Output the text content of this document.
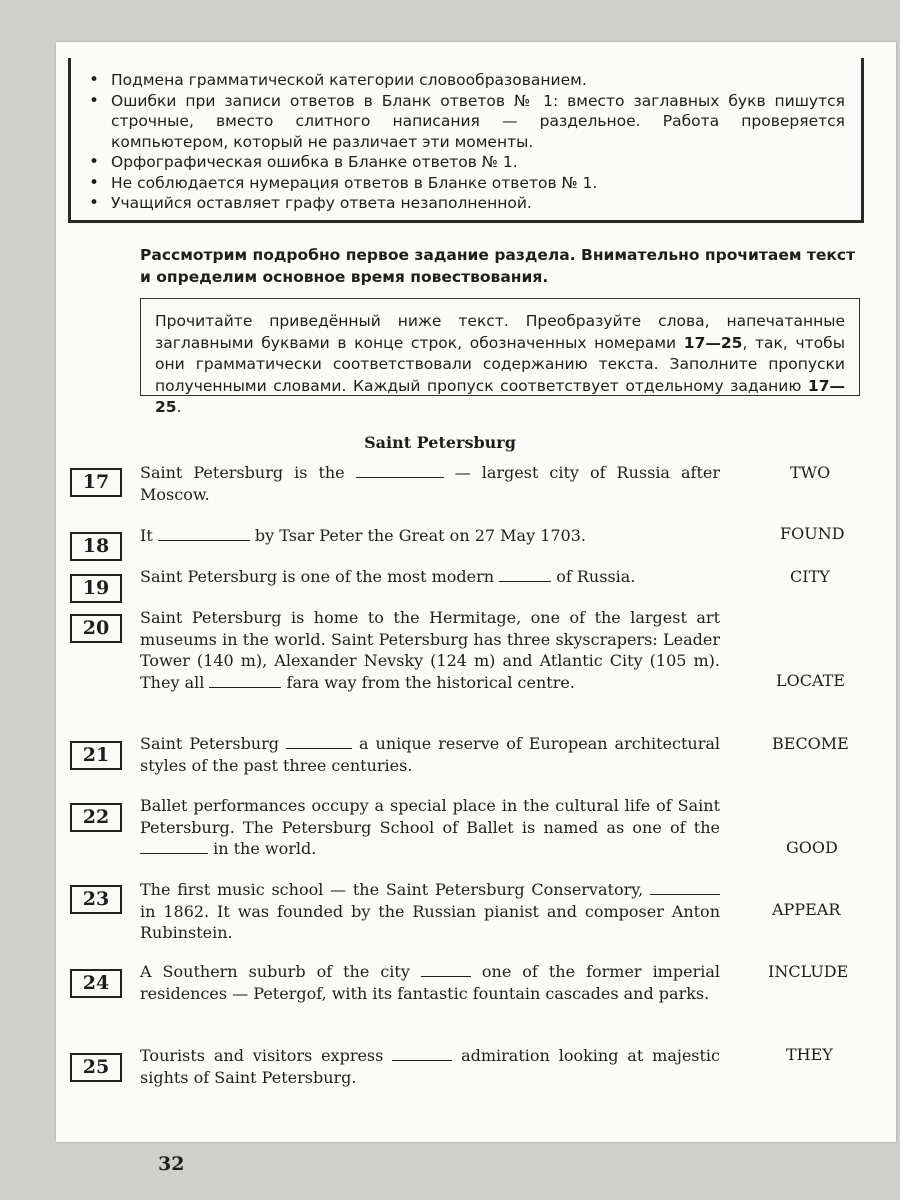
• Подмена грамматической категории словообразованием.
• Ошибки при записи ответов в Бланк ответов № 1: вместо заглавных букв пишутся строчные, вместо слитного написания — раздельное. Работа проверяется компьютером, который не различает эти моменты.
• Орфографическая ошибка в Бланке ответов № 1.
• Не соблюдается нумерация ответов в Бланке ответов № 1.
• Учащийся оставляет графу ответа незаполненной.
Рассмотрим подробно первое задание раздела. Внимательно прочитаем текст и определим основное время повествования.
Прочитайте приведённый ниже текст. Преобразуйте слова, напечатанные заглавными буквами в конце строк, обозначенных номерами 17—25, так, чтобы они грамматически соответствовали содержанию текста. Заполните пропуски полученными словами. Каждый пропуск соответствует отдельному заданию 17—25.
Saint Petersburg
17	Saint Petersburg is the	— largest city of Russia after Moscow.
TWO
18	It	by Tsar Peter the Great on 27 May 1703.	FOUND
19
Saint Petersburg is one of the most modern	of Russia.	CITY
20	Saint Petersburg is home to the Hermitage, one of the largest art museums in the world. Saint Petersburg has three skyscrapers: Leader Tower (140 m), Alexander Nevsky (124 m) and Atlantic City (105 m). They all	fara way from the historical centre.	LOCATE
21
Saint Petersburg	a unique reserve of European architectural styles of the past three centuries.
BECOME
22
Ballet performances occupy a special place in the cultural life of Saint Petersburg. The Petersburg School of Ballet is named as one of the  in the world.	GOOD
23	The first music school — the Saint Petersburg Conservatory,  in 1862. It was founded by the Russian pianist and composer Anton Rubinstein.
APPEAR
24
A Southern suburb of the city	one of the former imperial residences — Petergof, with its fantastic fountain cascades and parks.
INCLUDE
25
Tourists and visitors express	admiration looking at majestic sights of Saint Petersburg.
THEY
32
